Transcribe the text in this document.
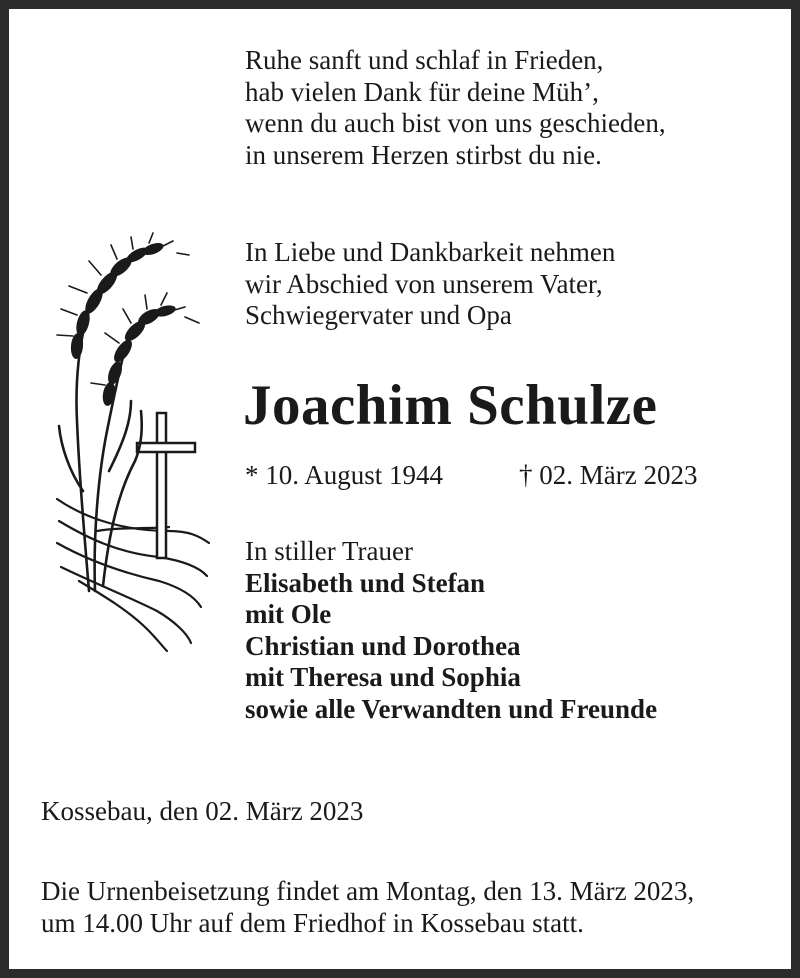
Ruhe sanft und schlaf in Frieden,
hab vielen Dank für deine Müh’,
wenn du auch bist von uns geschieden,
in unserem Herzen stirbst du nie.
In Liebe und Dankbarkeit nehmen
wir Abschied von unserem Vater,
Schwiegervater und Opa
Joachim Schulze
* 10. August 1944	† 02. März 2023
In stiller Trauer
Elisabeth und Stefan
mit Ole
Christian und Dorothea
mit Theresa und Sophia
sowie alle Verwandten und Freunde
Kossebau, den 02. März 2023
Die Urnenbeisetzung findet am Montag, den 13. März 2023,
um 14.00 Uhr auf dem Friedhof in Kossebau statt.
